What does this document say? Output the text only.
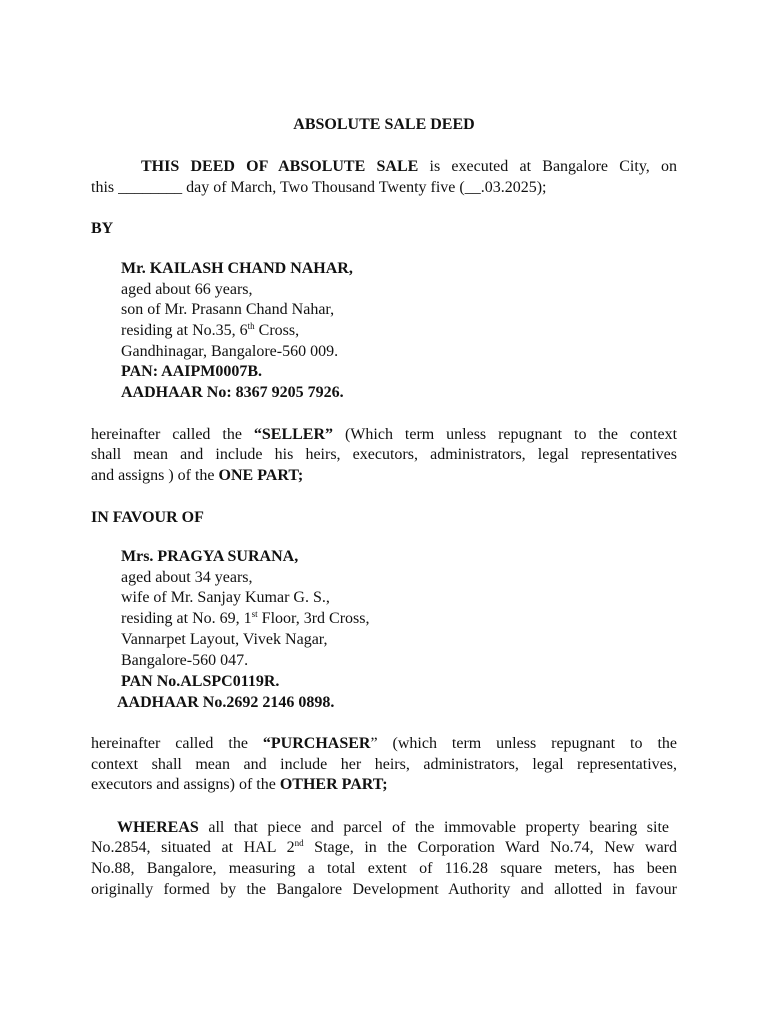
ABSOLUTE SALE DEED
THIS DEED OF ABSOLUTE SALE is executed at Bangalore City, on
this ________ day of March, Two Thousand Twenty five (__.03.2025);
BY
Mr. KAILASH CHAND NAHAR,
aged about 66 years,
son of Mr. Prasann Chand Nahar,
residing at No.35, 6th Cross,
Gandhinagar, Bangalore-560 009.
PAN: AAIPM0007B.
AADHAAR No: 8367 9205 7926.
hereinafter called the “SELLER” (Which term unless repugnant to the context
shall mean and include his heirs, executors, administrators, legal representatives
and assigns ) of the ONE PART;
IN FAVOUR OF
Mrs. PRAGYA SURANA,
aged about 34 years,
wife of Mr. Sanjay Kumar G. S.,
residing at No. 69, 1st Floor, 3rd Cross,
Vannarpet Layout, Vivek Nagar,
Bangalore-560 047.
PAN No.ALSPC0119R.
AADHAAR No.2692 2146 0898.
hereinafter called the “PURCHASER” (which term unless repugnant to the
context shall mean and include her heirs, administrators, legal representatives,
executors and assigns) of the OTHER PART;
WHEREAS all that piece and parcel of the immovable property bearing site
No.2854, situated at HAL 2nd Stage, in the Corporation Ward No.74, New ward
No.88, Bangalore, measuring a total extent of 116.28 square meters, has been
originally formed by the Bangalore Development Authority and allotted in favour
